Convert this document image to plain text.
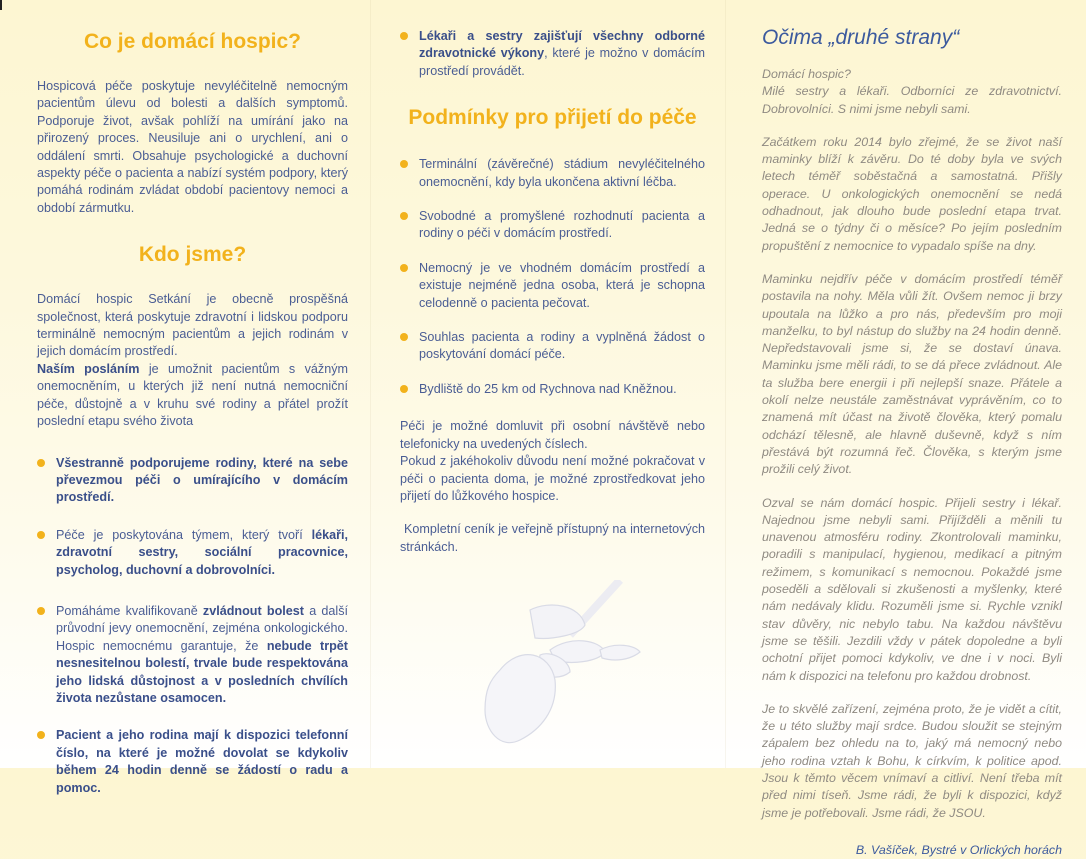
Co je domácí hospic?

Hospicová péče poskytuje nevyléčitelně nemocným pacientům úlevu od bolesti a dalších symptomů. Podporuje život, avšak pohlíží na umírání jako na přirozený proces. Neusiluje ani o urychlení, ani o oddálení smrti. Obsahuje psychologické a duchovní aspekty péče o pacienta a nabízí systém podpory, který pomáhá rodinám zvládat období pacientovy nemoci a období zármutku.

Kdo jsme?

Domácí hospic Setkání je obecně prospěšná společnost, která poskytuje zdravotní i lidskou podporu terminálně nemocným pacientům a jejich rodinám v jejich domácím prostředí.

Naším posláním je umožnit pacientům s vážným onemocněním, u kterých již není nutná nemocniční péče, důstojně a v kruhu své rodiny a přátel prožít poslední etapu svého života

Všestranně podporujeme rodiny, které na sebe převezmou péči o umírajícího v domácím prostředí.
Péče je poskytována týmem, který tvoří lékaři, zdravotní sestry, sociální pracovnice, psycholog, duchovní a dobrovolníci.
Pomáháme kvalifikovaně zvládnout bolest a další průvodní jevy onemocnění, zejména onkologického. Hospic nemocnému garantuje, že nebude trpět nesnesitelnou bolestí, trvale bude respektována jeho lidská důstojnost a v posledních chvílích života nezůstane osamocen.
Pacient a jeho rodina mají k dispozici telefonní číslo, na které je možné dovolat se kdykoliv během 24 hodin denně se žádostí o radu a pomoc.
Lékaři a sestry zajišťují všechny odborné zdravotnické výkony, které je možno v domácím prostředí provádět.
Podmínky pro přijetí do péče
Terminální (závěrečné) stádium nevyléčitelného onemocnění, kdy byla ukončena aktivní léčba.
Svobodné a promyšlené rozhodnutí pacienta a rodiny o péči v domácím prostředí.
Nemocný je ve vhodném domácím prostředí a existuje nejméně jedna osoba, která je schopna celodenně o pacienta pečovat.
Souhlas pacienta a rodiny a vyplněná žádost o poskytování domácí péče.
Bydliště do 25 km od Rychnova nad Kněžnou.

Péči je možné domluvit při osobní návštěvě nebo telefonicky na uvedených číslech.

Pokud z jakéhokoliv důvodu není možné pokračovat v péči o pacienta doma, je možné zprostředkovat jeho přijetí do lůžkového hospice.

Kompletní ceník je veřejně přístupný na internetových stránkách.

Očima „druhé strany“

Domácí hospic?

Milé sestry a lékaři. Odborníci ze zdravotnictví. Dobrovolníci. S nimi jsme nebyli sami.

Začátkem roku 2014 bylo zřejmé, že se život naší maminky blíží k závěru. Do té doby byla ve svých letech téměř soběstačná a samostatná. Přišly operace. U onkologických onemocnění se nedá odhadnout, jak dlouho bude poslední etapa trvat. Jedná se o týdny či o měsíce? Po jejím posledním propuštění z nemocnice to vypadalo spíše na dny.

Maminku nejdřív péče v domácím prostředí téměř postavila na nohy. Měla vůli žít. Ovšem nemoc ji brzy upoutala na lůžko a pro nás, především pro moji manželku, to byl nástup do služby na 24 hodin denně. Nepředstavovali jsme si, že se dostaví únava. Maminku jsme měli rádi, to se dá přece zvládnout. Ale ta služba bere energii i při nejlepší snaze. Přátele a okolí nelze neustále zaměstnávat vyprávěním, co to znamená mít účast na životě člověka, který pomalu odchází tělesně, ale hlavně duševně, když s ním přestává být rozumná řeč. Člověka, s kterým jsme prožili celý život.

Ozval se nám domácí hospic. Přijeli sestry i lékař. Najednou jsme nebyli sami. Přijížděli a měnili tu unavenou atmosféru rodiny. Zkontrolovali maminku, poradili s manipulací, hygienou, medikací a pitným režimem, s komunikací s nemocnou. Pokaždé jsme poseděli a sdělovali si zkušenosti a myšlenky, které nám nedávaly klidu. Rozuměli jsme si. Rychle vznikl stav důvěry, nic nebylo tabu. Na každou návštěvu jsme se těšili. Jezdili vždy v pátek dopoledne a byli ochotní přijet pomoci kdykoliv, ve dne i v noci. Byli nám k dispozici na telefonu pro každou drobnost.

Je to skvělé zařízení, zejména proto, že je vidět a cítit, že u této služby mají srdce. Budou sloužit se stejným zápalem bez ohledu na to, jaký má nemocný nebo jeho rodina vztah k Bohu, k církvím, k politice apod. Jsou k těmto věcem vnímaví a citliví. Není třeba mít před nimi tíseň. Jsme rádi, že byli k dispozici, když jsme je potřebovali. Jsme rádi, že JSOU.

B. Vašíček, Bystré v Orlických horách
